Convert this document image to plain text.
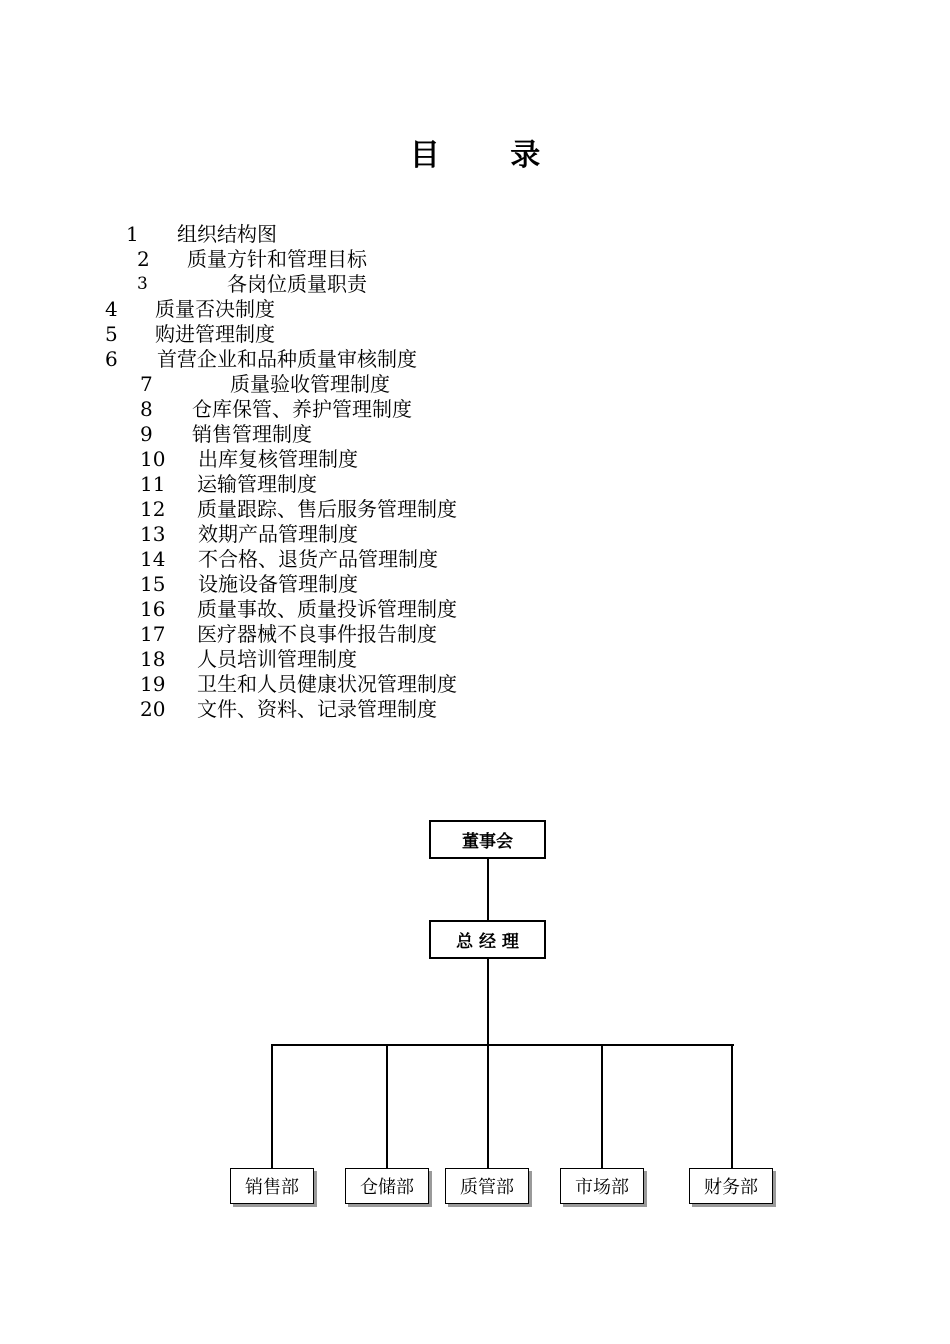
目 录
1 组织结构图
2 质量方针和管理目标
3	各岗位质量职责
4 质量否决制度
5 购进管理制度
6 首营企业和品种质量审核制度
7	质量验收管理制度
8 仓库保管、养护管理制度
9 销售管理制度
10 出库复核管理制度
11 运输管理制度
12 质量跟踪、售后服务管理制度
13 效期产品管理制度
14 不合格、退货产品管理制度
15 设施设备管理制度
16 质量事故、质量投诉管理制度
17 医疗器械不良事件报告制度
18 人员培训管理制度
19 卫生和人员健康状况管理制度
20 文件、资料、记录管理制度
董事会
总 经 理
销售部	仓储部	质管部	市场部	财务部
